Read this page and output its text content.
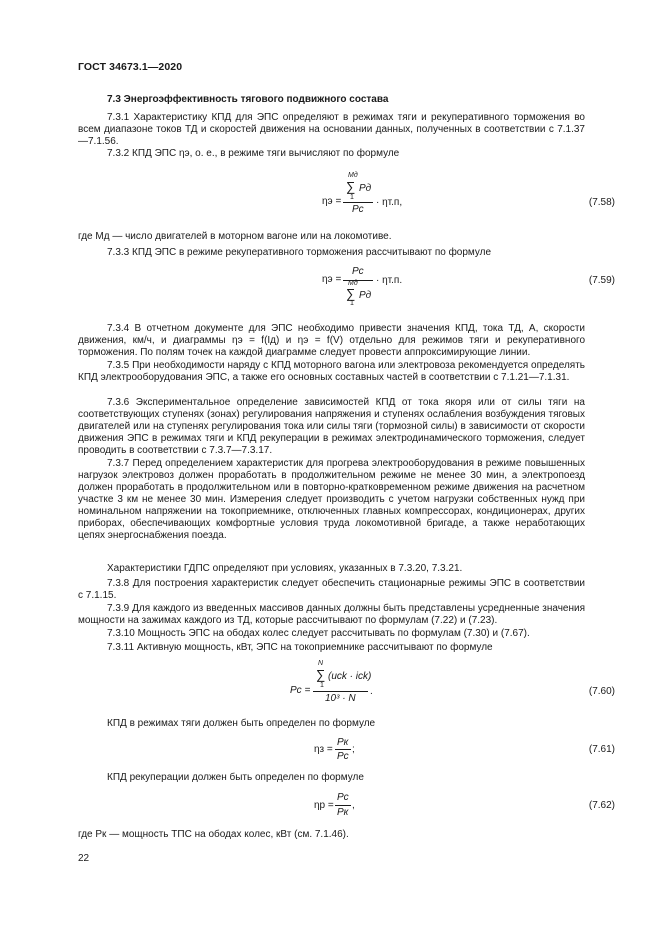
ГОСТ 34673.1—2020
7.3 Энергоэффективность тягового подвижного состава
7.3.1 Характеристику КПД для ЭПС определяют в режимах тяги и рекуперативного торможения во всем диапазоне токов ТД и скоростей движения на основании данных, полученных в соответствии с 7.1.37—7.1.56.
7.3.2 КПД ЭПС ηэ, о. е., в режиме тяги вычисляют по формуле
ηэ =
Mд
∑
1
Pд
Pс
· ηт.п,	(7.58)
где Mд — число двигателей в моторном вагоне или на локомотиве.
7.3.3 КПД ЭПС в режиме рекуперативного торможения рассчитывают по формуле
ηэ =
Pс
Mд
∑
1
Pд
· ηт.п.	(7.59)
7.3.4 В отчетном документе для ЭПС необходимо привести значения КПД, тока ТД, А, скорости движения, км/ч, и диаграммы ηэ = f(Iд) и ηэ = f(V) отдельно для режимов тяги и рекуперативного торможения. По полям точек на каждой диаграмме следует провести аппроксимирующие линии.
7.3.5 При необходимости наряду с КПД моторного вагона или электровоза рекомендуется определять КПД электрооборудования ЭПС, а также его основных составных частей в соответствии с 7.1.21—7.1.31.
7.3.6 Экспериментальное определение зависимостей КПД от тока якоря или от силы тяги на соответствующих ступенях (зонах) регулирования напряжения и ступенях ослабления возбуждения тяговых двигателей или на ступенях регулирования тока или силы тяги (тормозной силы) в зависимости от скорости движения ЭПС в режимах тяги и КПД рекуперации в режимах электродинамического торможения, следует проводить в соответствии с 7.3.7—7.3.17.
7.3.7 Перед определением характеристик для прогрева электрооборудования в режиме повышенных нагрузок электровоз должен проработать в продолжительном режиме не менее 30 мин, а электропоезд должен проработать в продолжительном или в повторно-кратковременном режиме движения на расчетном участке 3 км не менее 30 мин. Измерения следует производить с учетом нагрузки собственных нужд при номинальном напряжении на токоприемнике, отключенных главных компрессорах, кондиционерах, других приборах, обеспечивающих комфортные условия труда локомотивной бригаде, а также неработающих цепях энергоснабжения поезда.
Характеристики ГДПС определяют при условиях, указанных в 7.3.20, 7.3.21.
7.3.8 Для построения характеристик следует обеспечить стационарные режимы ЭПС в соответствии с 7.1.15.
7.3.9 Для каждого из введенных массивов данных должны быть представлены усредненные значения мощности на зажимах каждого из ТД, которые рассчитывают по формулам (7.22) и (7.23).
7.3.10 Мощность ЭПС на ободах колес следует рассчитывать по формулам (7.30) и (7.67).
7.3.11 Активную мощность, кВт, ЭПС на токоприемнике рассчитывают по формуле
Pс =
N
∑
1
(uck · ick)
10³ · N
.	(7.60)
КПД в режимах тяги должен быть определен по формуле
ηз =
Pк
Pс
;	(7.61)
КПД рекуперации должен быть определен по формуле
ηр =
Pс
Pк
,	(7.62)
где Pк — мощность ТПС на ободах колес, кВт (см. 7.1.46).
22
